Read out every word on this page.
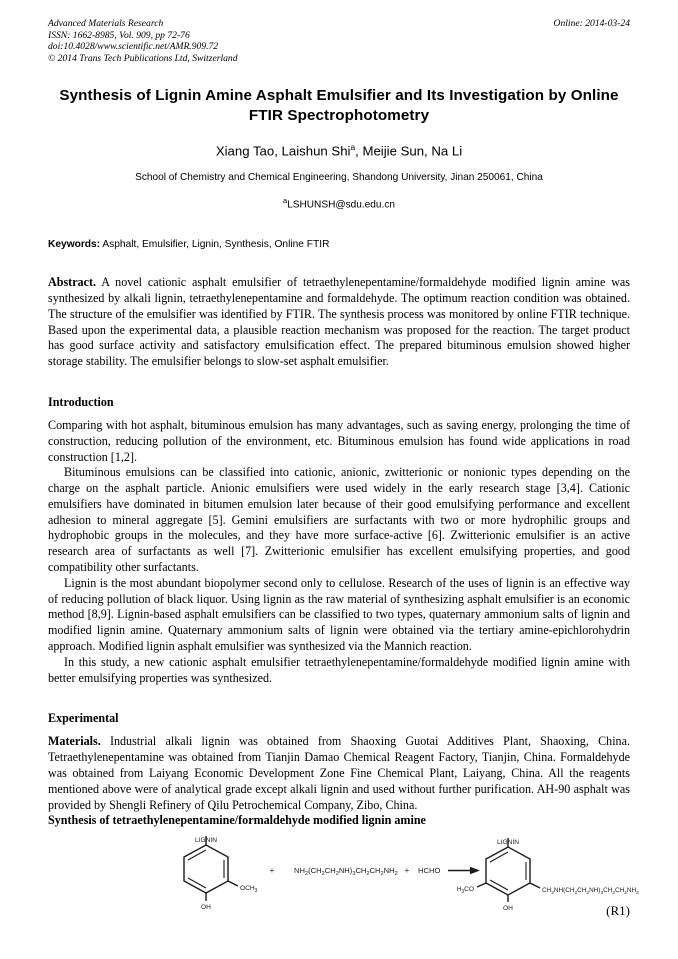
Advanced Materials Research
ISSN: 1662-8985, Vol. 909, pp 72-76
doi:10.4028/www.scientific.net/AMR.909.72
© 2014 Trans Tech Publications Ltd, Switzerland
Online: 2014-03-24
Synthesis of Lignin Amine Asphalt Emulsifier and Its Investigation by Online FTIR Spectrophotometry
Xiang Tao, Laishun Shi$^a$, Meijie Sun, Na Li
School of Chemistry and Chemical Engineering, Shandong University, Jinan 250061, China
$^a$LSHUNSH@sdu.edu.cn
Keywords: Asphalt, Emulsifier, Lignin, Synthesis, Online FTIR
Abstract. A novel cationic asphalt emulsifier of tetraethylenepentamine/formaldehyde modified lignin amine was synthesized by alkali lignin, tetraethylenepentamine and formaldehyde. The optimum reaction condition was obtained. The structure of the emulsifier was identified by FTIR. The synthesis process was monitored by online FTIR technique. Based upon the experimental data, a plausible reaction mechanism was proposed for the reaction. The target product has good surface activity and satisfactory emulsification effect. The prepared bituminous emulsion showed higher storage stability. The emulsifier belongs to slow-set asphalt emulsifier.
Introduction

Comparing with hot asphalt, bituminous emulsion has many advantages, such as saving energy, prolonging the time of construction, reducing pollution of the environment, etc. Bituminous emulsion has found wide applications in road construction [1,2].

Bituminous emulsions can be classified into cationic, anionic, zwitterionic or nonionic types depending on the charge on the asphalt particle. Anionic emulsifiers were used widely in the early research stage [3,4]. Cationic emulsifiers have dominated in bitumen emulsion later because of their good emulsifying performance and excellent adhesion to mineral aggregate [5]. Gemini emulsifiers are surfactants with two or more hydrophilic groups and hydrophobic groups in the molecules, and they have more surface-active [6]. Zwitterionic emulsifier is an active research area of surfactants as well [7]. Zwitterionic emulsifier has excellent emulsifying properties, and good compatibility other surfactants.

Lignin is the most abundant biopolymer second only to cellulose. Research of the uses of lignin is an effective way of reducing pollution of black liquor. Using lignin as the raw material of synthesizing asphalt emulsifier is an economic method [8,9]. Lignin-based asphalt emulsifiers can be classified to two types, quaternary ammonium salts of lignin and modified lignin amine. Quaternary ammonium salts of lignin were obtained via the tertiary amine-epichlorohydrin approach. Modified lignin asphalt emulsifier was synthesized via the Mannich reaction.

In this study, a new cationic asphalt emulsifier tetraethylenepentamine/formaldehyde modified lignin amine with better emulsifying properties was synthesized.

Experimental

Materials. Industrial alkali lignin was obtained from Shaoxing Guotai Additives Plant, Shaoxing, China. Tetraethylenepentamine was obtained from Tianjin Damao Chemical Reagent Factory, Tianjin, China. Formaldehyde was obtained from Laiyang Economic Development Zone Fine Chemical Plant, Laiyang, China. All the reagents mentioned above were of analytical grade except alkali lignin and used without further purification. AH-90 asphalt was provided by Shengli Refinery of Qilu Petrochemical Company, Zibo, China.

Synthesis of tetraethylenepentamine/formaldehyde modified lignin amine
LIGNIN
$OCH_3$
OH
+	$NH_2(CH_2CH_2NH)_3CH_2CH_2NH_2$ + HCHO
LIGNIN
$H_3CO$
OH
$CH_2NH(CH_2CH_2NH)_3CH_2CH_2NH_2$
(R1)
